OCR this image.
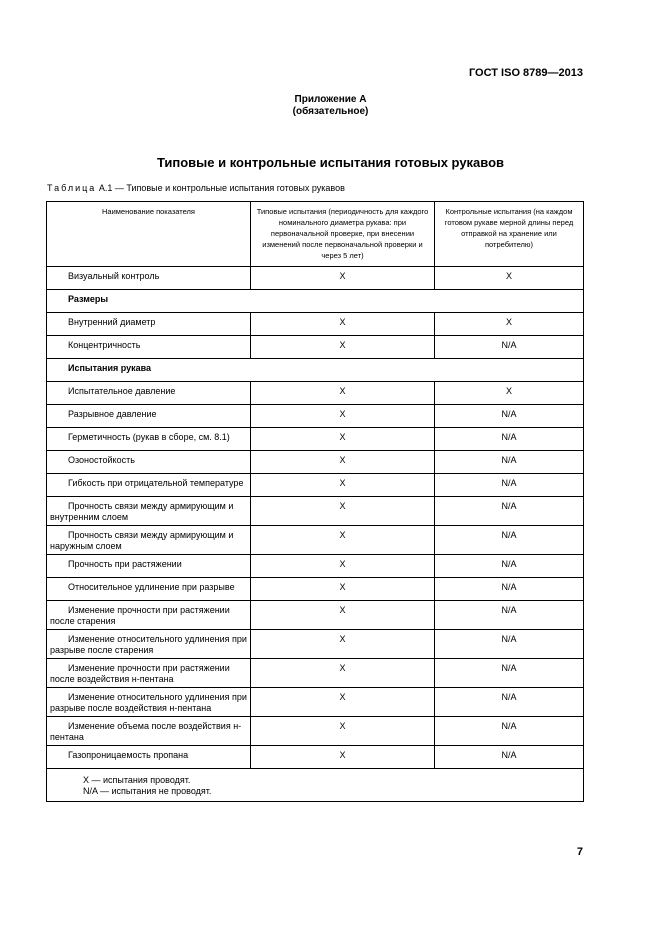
ГОСТ ISO 8789—2013
Приложение А
(обязательное)
Типовые и контрольные испытания готовых рукавов
Таблица А.1 — Типовые и контрольные испытания готовых рукавов
Наименование показателя	Типовые испытания (периодичность для каждого номинального диаметра рукава: при первоначальной проверке, при внесении изменений после первоначальной проверки и через 5 лет)	Контрольные испытания (на каждом готовом рукаве мерной длины перед отправкой на хранение или потребителю)
Визуальный контроль	X	X
Размеры		
Внутренний диаметр	X	X
Концентричность	X	N/A
Испытания рукава		
Испытательное давление	X	X
Разрывное давление	X	N/A
Герметичность (рукав в сборе, см. 8.1)	X	N/A
Озоностойкость	X	N/A
Гибкость при отрицательной температуре	X	N/A
Прочность связи между армирующим и внутренним слоем	X	N/A
Прочность связи между армирующим и наружным слоем	X	N/A
Прочность при растяжении	X	N/A
Относительное удлинение при разрыве	X	N/A
Изменение прочности при растяжении после старения	X	N/A
Изменение относительного удлинения при разрыве после старения	X	N/A
Изменение прочности при растяжении после воздействия н-пентана	X	N/A
Изменение относительного удлинения при разрыве после воздействия н-пентана	X	N/A
Изменение объема после воздействия н-пентана	X	N/A
Газопроницаемость пропана	X	N/A

X — испытания проводят.
N/A — испытания не проводят.		
7
